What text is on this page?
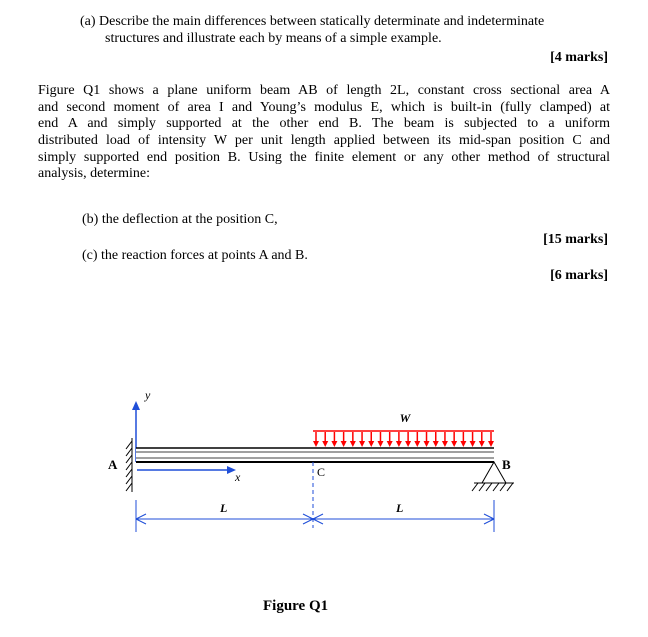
(a) Describe the main differences between statically determinate and indeterminate

structures and illustrate each by means of a simple example.

[4 marks]

Figure Q1 shows a plane uniform beam AB of length 2L, constant cross sectional area A
and second moment of area I and Young’s modulus E, which is built-in (fully clamped) at
end A and simply supported at the other end B. The beam is subjected to a uniform
distributed load of intensity W per unit length applied between its mid-span position C and
simply supported end position B. Using the finite element or any other method of structural
analysis, determine:

(b) the deflection at the position C,

[15 marks]

(c) the reaction forces at points A and B.

[6 marks]

y
x
A	C	B
W
L	L
Figure Q1
